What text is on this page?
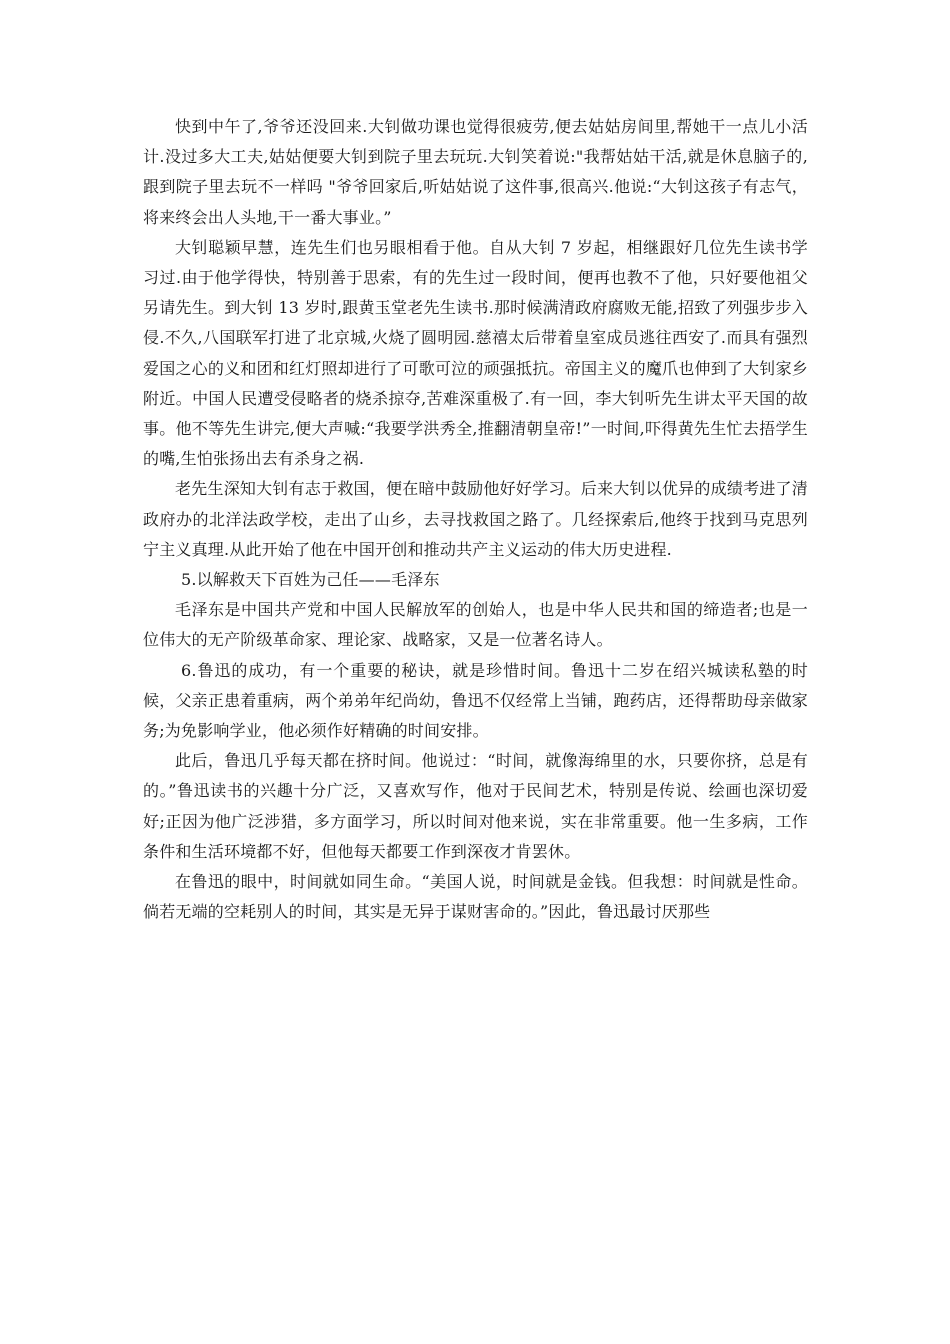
快到中午了,爷爷还没回来.大钊做功课也觉得很疲劳,便去姑姑房间里,帮她干一点儿小活计.没过多大工夫,姑姑便要大钊到院子里去玩玩.大钊笑着说:"我帮姑姑干活,就是休息脑子的,跟到院子里去玩不一样吗 "爷爷回家后,听姑姑说了这件事,很高兴.他说:“大钊这孩子有志气，将来终会出人头地,干一番大事业。”

大钊聪颖早慧，连先生们也另眼相看于他。自从大钊 7 岁起，相继跟好几位先生读书学习过.由于他学得快，特别善于思索，有的先生过一段时间，便再也教不了他，只好要他祖父另请先生。到大钊 13 岁时,跟黄玉堂老先生读书.那时候满清政府腐败无能,招致了列强步步入侵.不久,八国联军打进了北京城,火烧了圆明园.慈禧太后带着皇室成员逃往西安了.而具有强烈爱国之心的义和团和红灯照却进行了可歌可泣的顽强抵抗。帝国主义的魔爪也伸到了大钊家乡附近。中国人民遭受侵略者的烧杀掠夺,苦难深重极了.有一回，李大钊听先生讲太平天国的故事。他不等先生讲完,便大声喊:“我要学洪秀全,推翻清朝皇帝!”一时间,吓得黄先生忙去捂学生的嘴,生怕张扬出去有杀身之祸.

老先生深知大钊有志于救国，便在暗中鼓励他好好学习。后来大钊以优异的成绩考进了清政府办的北洋法政学校，走出了山乡，去寻找救国之路了。几经探索后,他终于找到马克思列宁主义真理.从此开始了他在中国开创和推动共产主义运动的伟大历史进程.

5.以解救天下百姓为己任——毛泽东

毛泽东是中国共产党和中国人民解放军的创始人，也是中华人民共和国的缔造者;也是一位伟大的无产阶级革命家、理论家、战略家，又是一位著名诗人。

6.鲁迅的成功，有一个重要的秘诀，就是珍惜时间。鲁迅十二岁在绍兴城读私塾的时候，父亲正患着重病，两个弟弟年纪尚幼，鲁迅不仅经常上当铺，跑药店，还得帮助母亲做家务;为免影响学业，他必须作好精确的时间安排。

此后，鲁迅几乎每天都在挤时间。他说过：“时间，就像海绵里的水，只要你挤，总是有的。”鲁迅读书的兴趣十分广泛，又喜欢写作，他对于民间艺术，特别是传说、绘画也深切爱好;正因为他广泛涉猎，多方面学习，所以时间对他来说，实在非常重要。他一生多病，工作条件和生活环境都不好，但他每天都要工作到深夜才肯罢休。

在鲁迅的眼中，时间就如同生命。“美国人说，时间就是金钱。但我想：时间就是性命。倘若无端的空耗别人的时间，其实是无异于谋财害命的。”因此，鲁迅最讨厌那些
